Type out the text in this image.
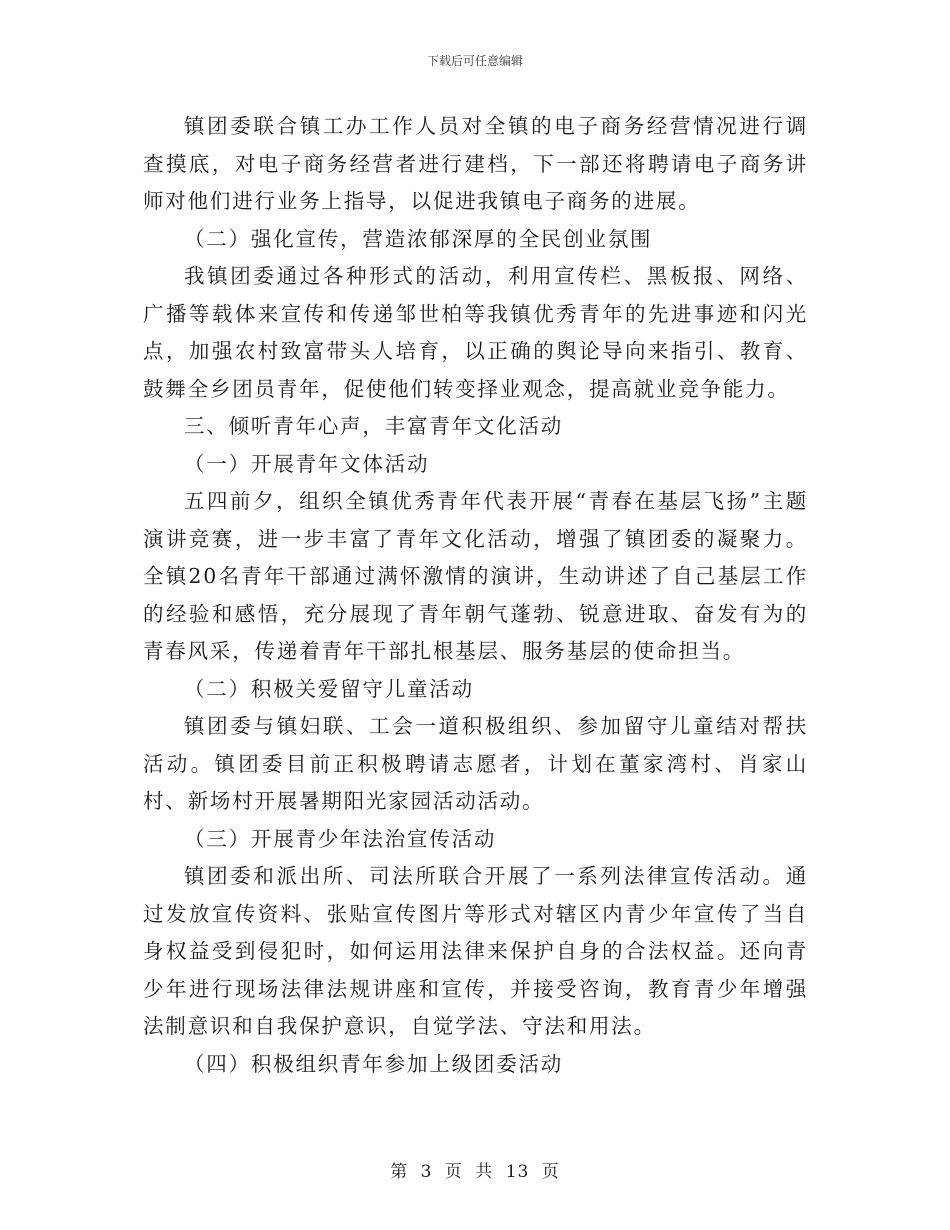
下载后可任意编辑

镇团委联合镇工办工作人员对全镇的电子商务经营情况进行调查摸底，对电子商务经营者进行建档，下一部还将聘请电子商务讲师对他们进行业务上指导，以促进我镇电子商务的进展。

（二）强化宣传，营造浓郁深厚的全民创业氛围

我镇团委通过各种形式的活动，利用宣传栏、黑板报、网络、广播等载体来宣传和传递邹世柏等我镇优秀青年的先进事迹和闪光点，加强农村致富带头人培育，以正确的舆论导向来指引、教育、鼓舞全乡团员青年，促使他们转变择业观念，提高就业竞争能力。

三、倾听青年心声，丰富青年文化活动

（一）开展青年文体活动

五四前夕，组织全镇优秀青年代表开展“青春在基层飞扬”主题演讲竞赛，进一步丰富了青年文化活动，增强了镇团委的凝聚力。全镇20名青年干部通过满怀激情的演讲，生动讲述了自己基层工作的经验和感悟，充分展现了青年朝气蓬勃、锐意进取、奋发有为的青春风采，传递着青年干部扎根基层、服务基层的使命担当。

（二）积极关爱留守儿童活动

镇团委与镇妇联、工会一道积极组织、参加留守儿童结对帮扶活动。镇团委目前正积极聘请志愿者，计划在董家湾村、肖家山村、新场村开展暑期阳光家园活动活动。

（三）开展青少年法治宣传活动

镇团委和派出所、司法所联合开展了一系列法律宣传活动。通过发放宣传资料、张贴宣传图片等形式对辖区内青少年宣传了当自身权益受到侵犯时，如何运用法律来保护自身的合法权益。还向青少年进行现场法律法规讲座和宣传，并接受咨询，教育青少年增强法制意识和自我保护意识，自觉学法、守法和用法。

（四）积极组织青年参加上级团委活动

第 3 页 共 13 页
